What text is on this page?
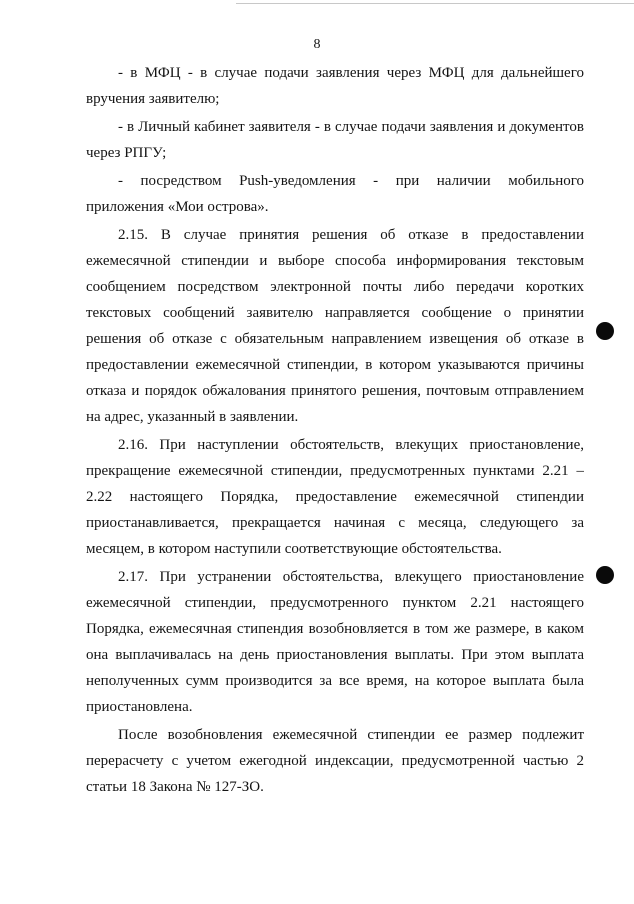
8
- в МФЦ - в случае подачи заявления через МФЦ для дальнейшего
вручения заявителю;
- в Личный кабинет заявителя - в случае подачи заявления и документов
через РПГУ;
- посредством Push-уведомления - при наличии мобильного
приложения «Мои острова».
2.15. В случае принятия решения об отказе в предоставлении
ежемесячной стипендии и выборе способа информирования текстовым
сообщением посредством электронной почты либо передачи коротких
текстовых сообщений заявителю направляется сообщение о принятии
решения об отказе с обязательным направлением извещения об отказе в
предоставлении ежемесячной стипендии, в котором указываются причины
отказа и порядок обжалования принятого решения, почтовым отправлением
на адрес, указанный в заявлении.
2.16. При наступлении обстоятельств, влекущих приостановление,
прекращение ежемесячной стипендии, предусмотренных пунктами 2.21 –
2.22 настоящего Порядка, предоставление ежемесячной стипендии
приостанавливается, прекращается начиная с месяца, следующего за
месяцем, в котором наступили соответствующие обстоятельства.
2.17. При устранении обстоятельства, влекущего приостановление
ежемесячной стипендии, предусмотренного пунктом 2.21 настоящего
Порядка, ежемесячная стипендия возобновляется в том же размере, в каком
она выплачивалась на день приостановления выплаты. При этом выплата
неполученных сумм производится за все время, на которое выплата была
приостановлена.
После возобновления ежемесячной стипендии ее размер подлежит
перерасчету с учетом ежегодной индексации, предусмотренной частью 2
статьи 18 Закона № 127-ЗО.
